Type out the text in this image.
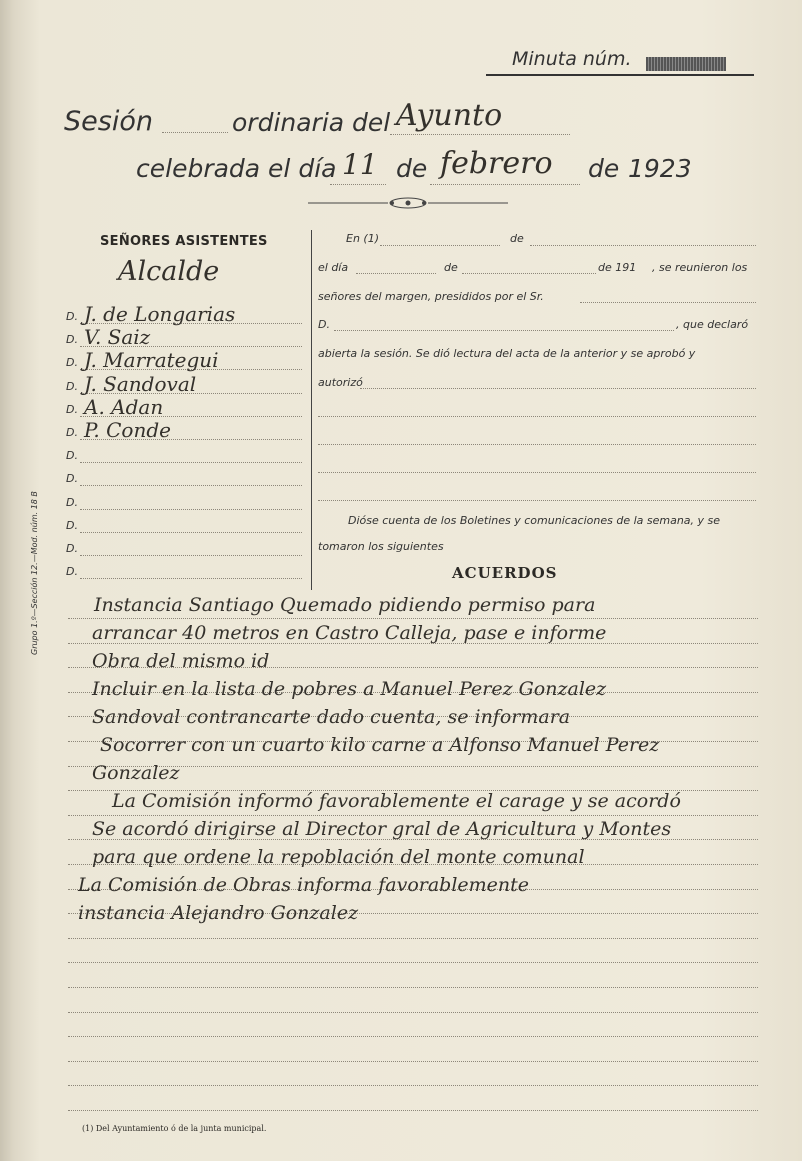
Minuta núm.
Sesión	ordinaria del Ayunto
celebrada el día 11 de febrero de 1923
SEÑORES ASISTENTES
Alcalde
D. J. de Longarias
D. V. Saiz
D. J. Marrategui
D. J. Sandoval
D. A. Adan
D. P. Conde
D.
D.
D.
D.
D.
D.
En (1)	de
el día	de	de 191 , se reunieron los
señores del margen, presididos por el Sr.
D.	, que declaró
abierta la sesión. Se dió lectura del acta de la anterior y se aprobó y
autorizó
Dióse cuenta de los Boletines y comunicaciones de la semana, y se
tomaron los siguientes
ACUERDOS
Instancia Santiago Quemado pidiendo permiso para
arrancar 40 metros en Castro Calleja, pase e informe
Obra del mismo id
Incluir en la lista de pobres a Manuel Perez Gonzalez
Sandoval contrancarte dado cuenta, se informara
Socorrer con un cuarto kilo carne a Alfonso Manuel Perez
Gonzalez
La Comisión informó favorablemente el carage y se acordó
Se acordó dirigirse al Director gral de Agricultura y Montes
para que ordene la repoblación del monte comunal
La Comisión de Obras informa favorablemente
instancia Alejandro Gonzalez
Grupo 1.º—Sección 12.—Mod. núm. 18 B
(1) Del Ayuntamiento ó de la junta municipal.
